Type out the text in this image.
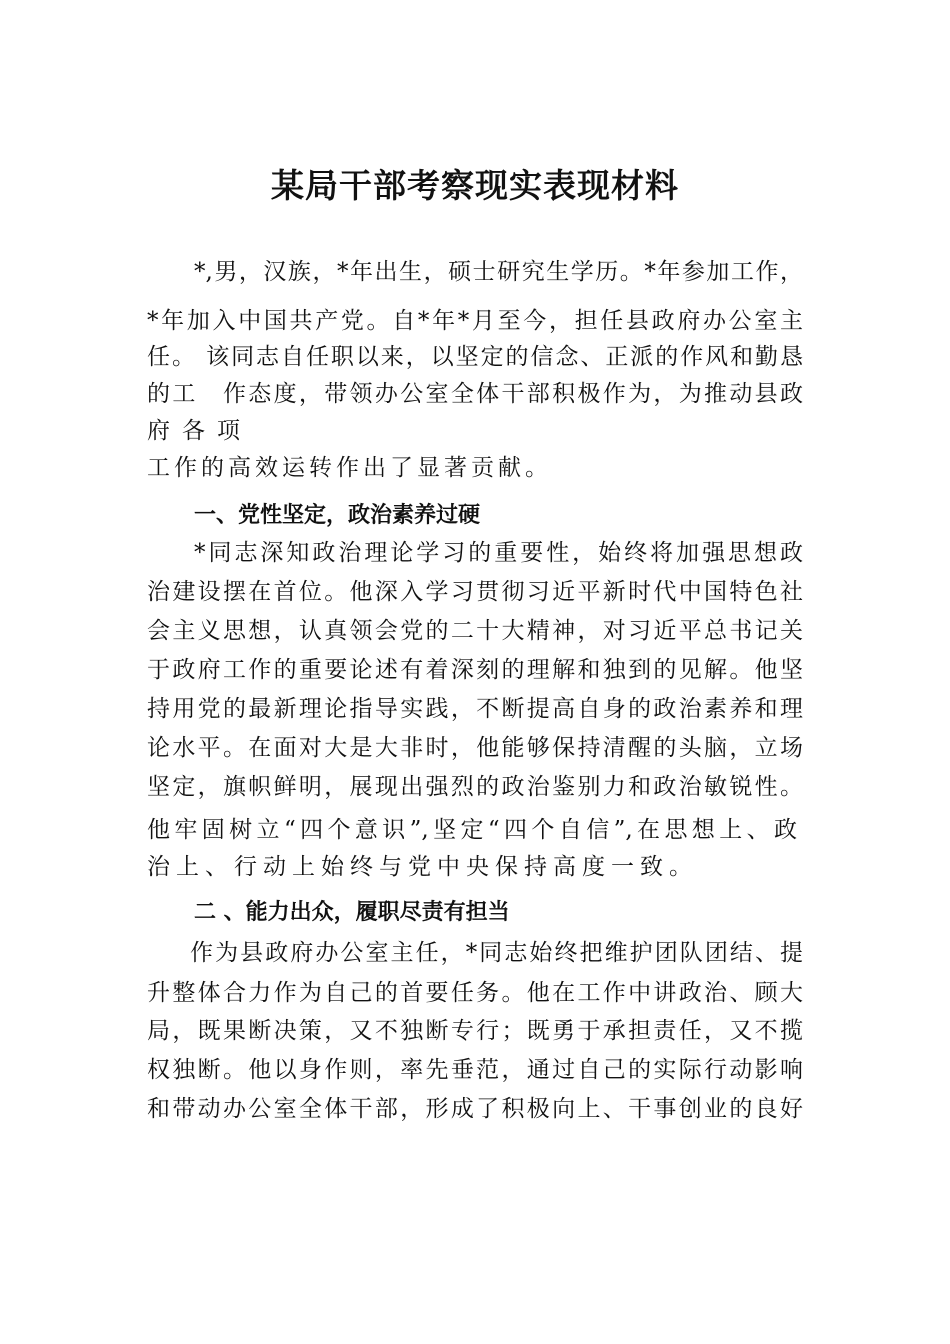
某局干部考察现实表现材料
*,男，汉族，*年出生，硕士研究生学历。*年参加工作，
*年加入中国共产党。自*年*月至今，担任县政府办公室主
任。 该同志自任职以来，以坚定的信念、正派的作风和勤恳
的工　作态度，带领办公室全体干部积极作为，为推动县政
府各项
工作的高效运转作出了显著贡献。
一、党性坚定，政治素养过硬
*同志深知政治理论学习的重要性，始终将加强思想政
治建设摆在首位。他深入学习贯彻习近平新时代中国特色社
会主义思想，认真领会党的二十大精神，对习近平总书记关
于政府工作的重要论述有着深刻的理解和独到的见解。他坚
持用党的最新理论指导实践，不断提高自身的政治素养和理
论水平。在面对大是大非时，他能够保持清醒的头脑，立场
坚定，旗帜鲜明，展现出强烈的政治鉴别力和政治敏锐性。
他牢固树立“四个意识”,坚定“四个自信”,在思想上、政
治上、行动上始终与党中央保持高度一致。
二 、能力出众，履职尽责有担当
作为县政府办公室主任，*同志始终把维护团队团结、提
升整体合力作为自己的首要任务。他在工作中讲政治、顾大
局，既果断决策，又不独断专行；既勇于承担责任，又不揽
权独断。他以身作则，率先垂范，通过自己的实际行动影响
和带动办公室全体干部，形成了积极向上、干事创业的良好
